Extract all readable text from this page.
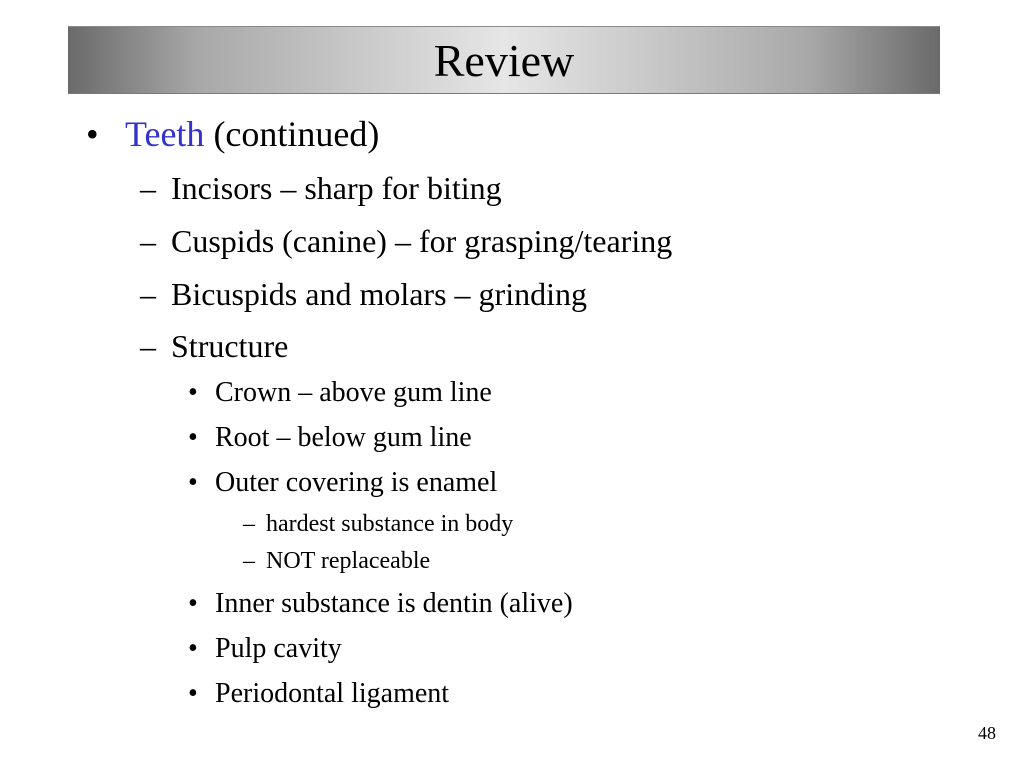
Review
• Teeth (continued)
– Incisors – sharp for biting
– Cuspids (canine) – for grasping/tearing
– Bicuspids and molars – grinding
– Structure
• Crown – above gum line
• Root – below gum line
• Outer covering is enamel
– hardest substance in body
– NOT replaceable
• Inner substance is dentin (alive)
• Pulp cavity
• Periodontal ligament
48
